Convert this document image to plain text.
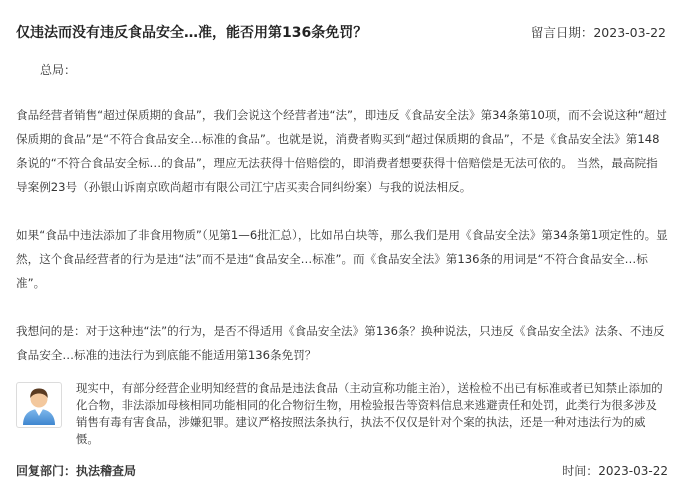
仅违法而没有违反食品安全…准，能否用第136条免罚？	留言日期：2023-03-22
总局：

食品经营者销售“超过保质期的食品”，我们会说这个经营者违“法”，即违反《食品安全法》第34条第10项，而不会说这种“超过保质期的食品”是“不符合食品安全…标准的食品”。也就是说，消费者购买到“超过保质期的食品”，不是《食品安全法》第148条说的“不符合食品安全标…的食品”，理应无法获得十倍赔偿的，即消费者想要获得十倍赔偿是无法可依的。 当然，最高院指导案例23号（孙银山诉南京欧尚超市有限公司江宁店买卖合同纠纷案）与我的说法相反。

如果“食品中违法添加了非食用物质”（见第1—6批汇总），比如吊白块等，那么我们是用《食品安全法》第34条第1项定性的。显然，这个食品经营者的行为是违“法”而不是违“食品安全…标准”。而《食品安全法》第136条的用词是“不符合食品安全…标准”。

我想问的是：对于这种违“法”的行为，是否不得适用《食品安全法》第136条？换种说法，只违反《食品安全法》法条、不违反食品安全…标准的违法行为到底能不能适用第136条免罚？

现实中，有部分经营企业明知经营的食品是违法食品（主动宣称功能主治），送检检不出已有标准或者已知禁止添加的化合物，非法添加母核相同功能相同的化合物衍生物，用检验报告等资料信息来逃避责任和处罚，此类行为很多涉及销售有毒有害食品，涉嫌犯罪。建议严格按照法条执行，执法不仅仅是针对个案的执法，还是一种对违法行为的威慑。

回复部门：执法稽查局	时间：2023-03-22
